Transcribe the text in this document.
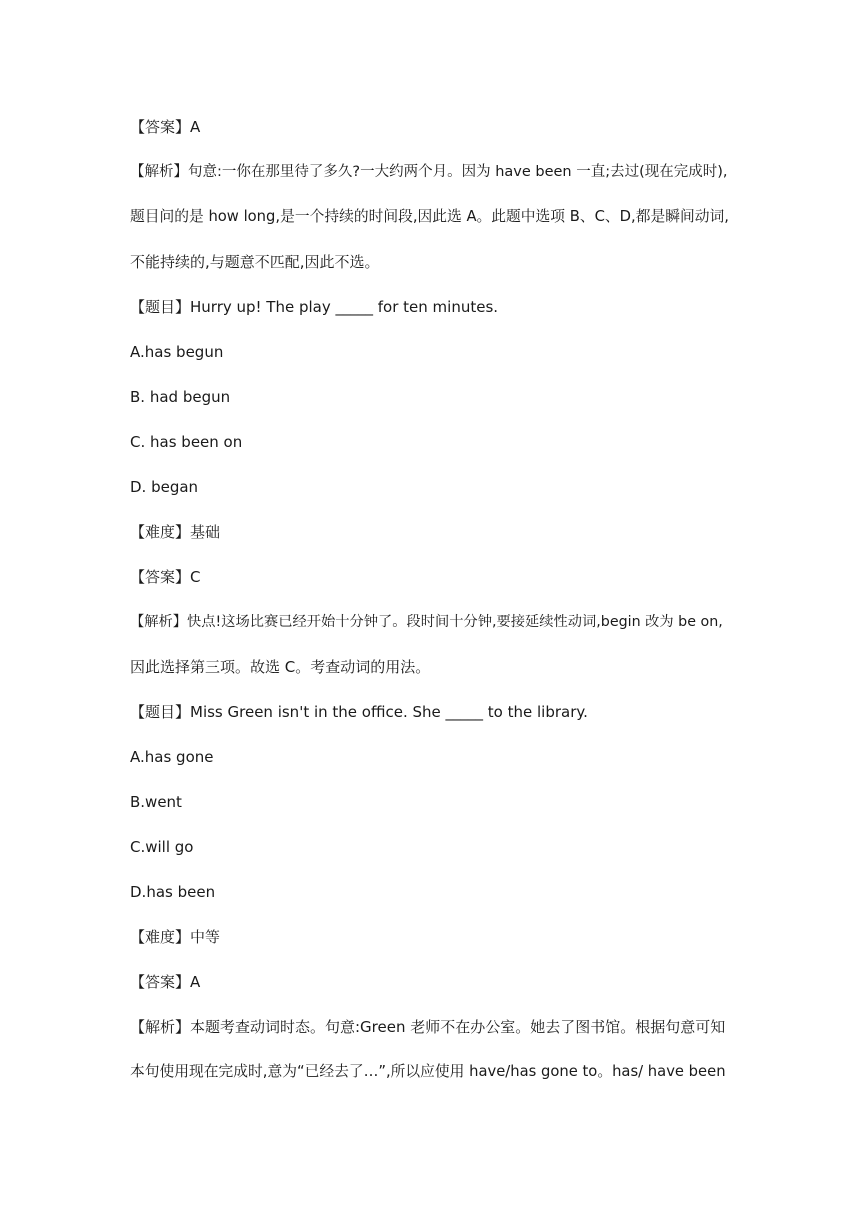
【答案】A
【解析】句意:一你在那里待了多久?一大约两个月。因为 have been 一直;去过(现在完成时),
题目问的是 how long,是一个持续的时间段,因此选 A。此题中选项 B、C、D,都是瞬间动词,
不能持续的,与题意不匹配,因此不选。
【题目】Hurry up! The play _____ for ten minutes.
A.has begun
B. had begun
C. has been on
D. began
【难度】基础
【答案】C
【解析】快点!这场比赛已经开始十分钟了。段时间十分钟,要接延续性动词,begin 改为 be on,
因此选择第三项。故选 C。考查动词的用法。
【题目】Miss Green isn't in the office. She _____ to the library.
A.has gone
B.went
C.will go
D.has been
【难度】中等
【答案】A
【解析】本题考查动词时态。句意:Green 老师不在办公室。她去了图书馆。根据句意可知
本句使用现在完成时,意为“已经去了…”,所以应使用 have/has gone to。has/ have been
